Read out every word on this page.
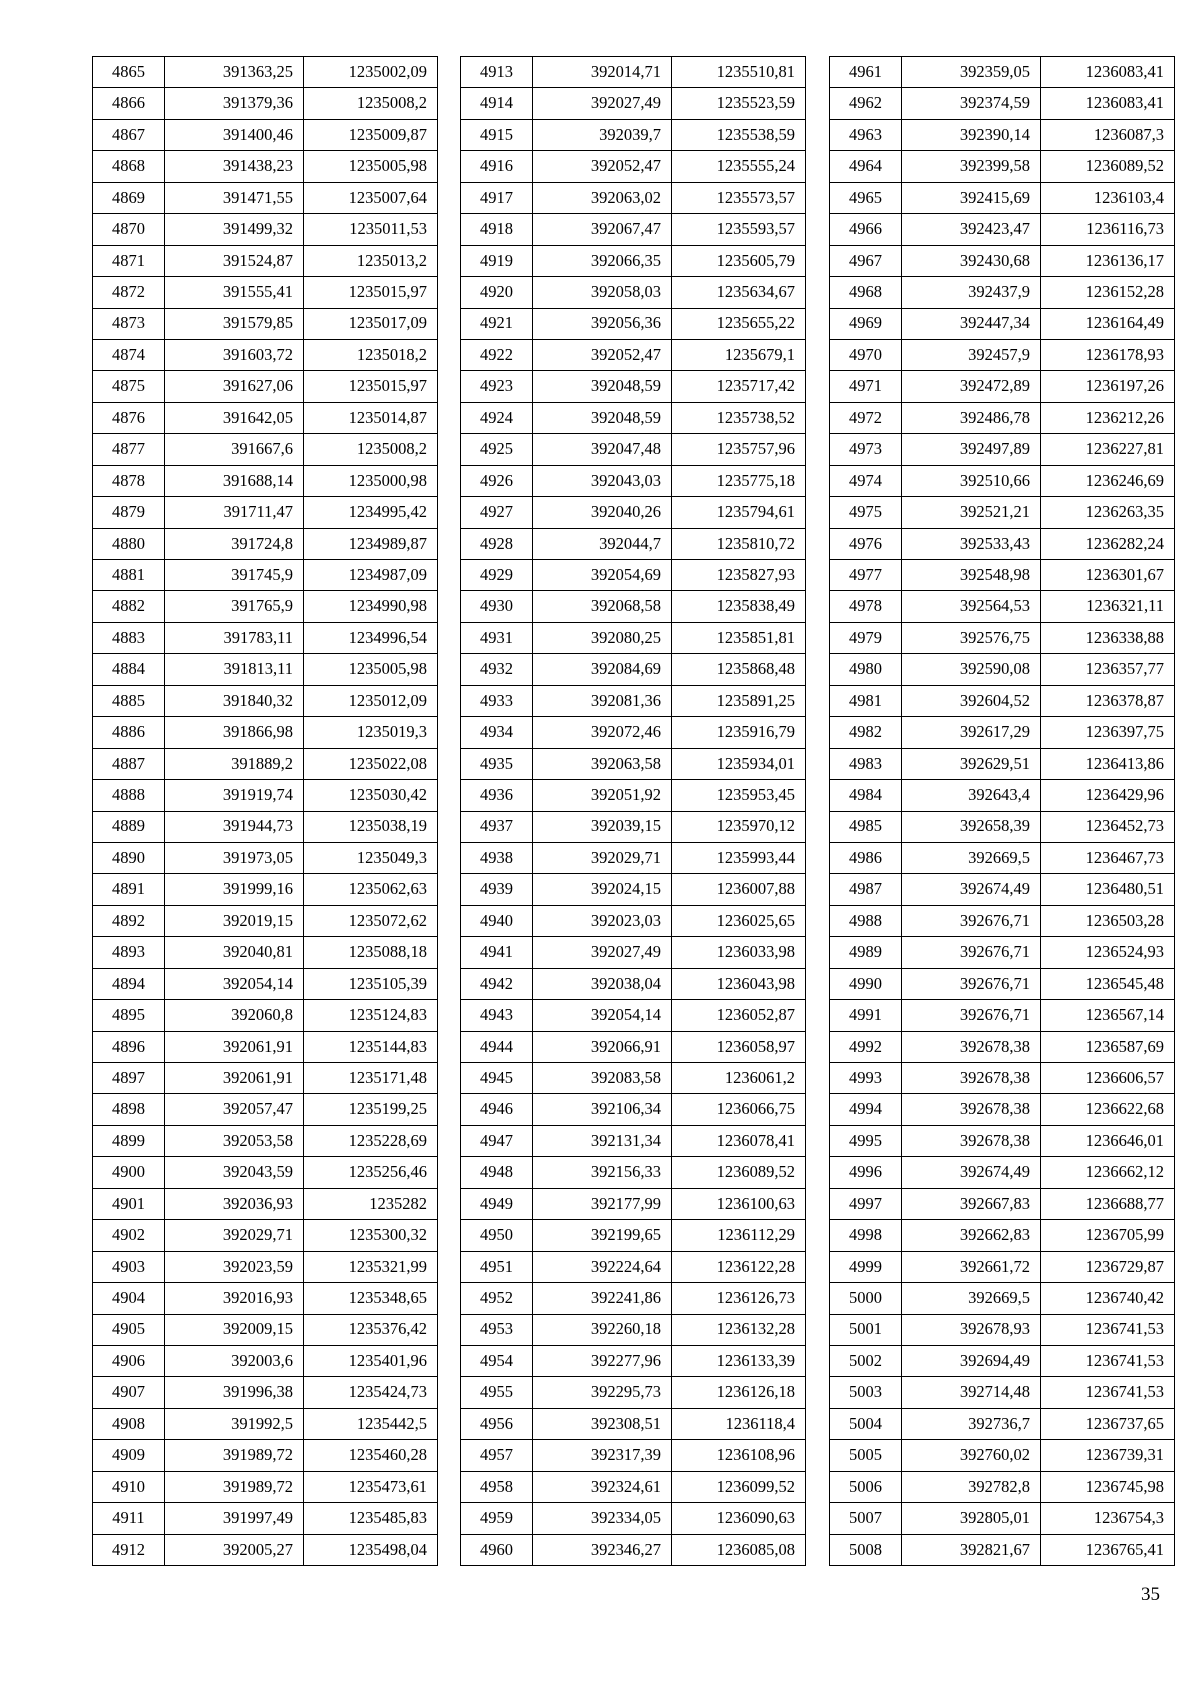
4865	391363,25	1235002,09
4866	391379,36	1235008,2
4867	391400,46	1235009,87
4868	391438,23	1235005,98
4869	391471,55	1235007,64
4870	391499,32	1235011,53
4871	391524,87	1235013,2
4872	391555,41	1235015,97
4873	391579,85	1235017,09
4874	391603,72	1235018,2
4875	391627,06	1235015,97
4876	391642,05	1235014,87
4877	391667,6	1235008,2
4878	391688,14	1235000,98
4879	391711,47	1234995,42
4880	391724,8	1234989,87
4881	391745,9	1234987,09
4882	391765,9	1234990,98
4883	391783,11	1234996,54
4884	391813,11	1235005,98
4885	391840,32	1235012,09
4886	391866,98	1235019,3
4887	391889,2	1235022,08
4888	391919,74	1235030,42
4889	391944,73	1235038,19
4890	391973,05	1235049,3
4891	391999,16	1235062,63
4892	392019,15	1235072,62
4893	392040,81	1235088,18
4894	392054,14	1235105,39
4895	392060,8	1235124,83
4896	392061,91	1235144,83
4897	392061,91	1235171,48
4898	392057,47	1235199,25
4899	392053,58	1235228,69
4900	392043,59	1235256,46
4901	392036,93	1235282
4902	392029,71	1235300,32
4903	392023,59	1235321,99
4904	392016,93	1235348,65
4905	392009,15	1235376,42
4906	392003,6	1235401,96
4907	391996,38	1235424,73
4908	391992,5	1235442,5
4909	391989,72	1235460,28
4910	391989,72	1235473,61
4911	391997,49	1235485,83
4912	392005,27	1235498,04
4913	392014,71	1235510,81
4914	392027,49	1235523,59
4915	392039,7	1235538,59
4916	392052,47	1235555,24
4917	392063,02	1235573,57
4918	392067,47	1235593,57
4919	392066,35	1235605,79
4920	392058,03	1235634,67
4921	392056,36	1235655,22
4922	392052,47	1235679,1
4923	392048,59	1235717,42
4924	392048,59	1235738,52
4925	392047,48	1235757,96
4926	392043,03	1235775,18
4927	392040,26	1235794,61
4928	392044,7	1235810,72
4929	392054,69	1235827,93
4930	392068,58	1235838,49
4931	392080,25	1235851,81
4932	392084,69	1235868,48
4933	392081,36	1235891,25
4934	392072,46	1235916,79
4935	392063,58	1235934,01
4936	392051,92	1235953,45
4937	392039,15	1235970,12
4938	392029,71	1235993,44
4939	392024,15	1236007,88
4940	392023,03	1236025,65
4941	392027,49	1236033,98
4942	392038,04	1236043,98
4943	392054,14	1236052,87
4944	392066,91	1236058,97
4945	392083,58	1236061,2
4946	392106,34	1236066,75
4947	392131,34	1236078,41
4948	392156,33	1236089,52
4949	392177,99	1236100,63
4950	392199,65	1236112,29
4951	392224,64	1236122,28
4952	392241,86	1236126,73
4953	392260,18	1236132,28
4954	392277,96	1236133,39
4955	392295,73	1236126,18
4956	392308,51	1236118,4
4957	392317,39	1236108,96
4958	392324,61	1236099,52
4959	392334,05	1236090,63
4960	392346,27	1236085,08
4961	392359,05	1236083,41
4962	392374,59	1236083,41
4963	392390,14	1236087,3
4964	392399,58	1236089,52
4965	392415,69	1236103,4
4966	392423,47	1236116,73
4967	392430,68	1236136,17
4968	392437,9	1236152,28
4969	392447,34	1236164,49
4970	392457,9	1236178,93
4971	392472,89	1236197,26
4972	392486,78	1236212,26
4973	392497,89	1236227,81
4974	392510,66	1236246,69
4975	392521,21	1236263,35
4976	392533,43	1236282,24
4977	392548,98	1236301,67
4978	392564,53	1236321,11
4979	392576,75	1236338,88
4980	392590,08	1236357,77
4981	392604,52	1236378,87
4982	392617,29	1236397,75
4983	392629,51	1236413,86
4984	392643,4	1236429,96
4985	392658,39	1236452,73
4986	392669,5	1236467,73
4987	392674,49	1236480,51
4988	392676,71	1236503,28
4989	392676,71	1236524,93
4990	392676,71	1236545,48
4991	392676,71	1236567,14
4992	392678,38	1236587,69
4993	392678,38	1236606,57
4994	392678,38	1236622,68
4995	392678,38	1236646,01
4996	392674,49	1236662,12
4997	392667,83	1236688,77
4998	392662,83	1236705,99
4999	392661,72	1236729,87
5000	392669,5	1236740,42
5001	392678,93	1236741,53
5002	392694,49	1236741,53
5003	392714,48	1236741,53
5004	392736,7	1236737,65
5005	392760,02	1236739,31
5006	392782,8	1236745,98
5007	392805,01	1236754,3
5008	392821,67	1236765,41
35
